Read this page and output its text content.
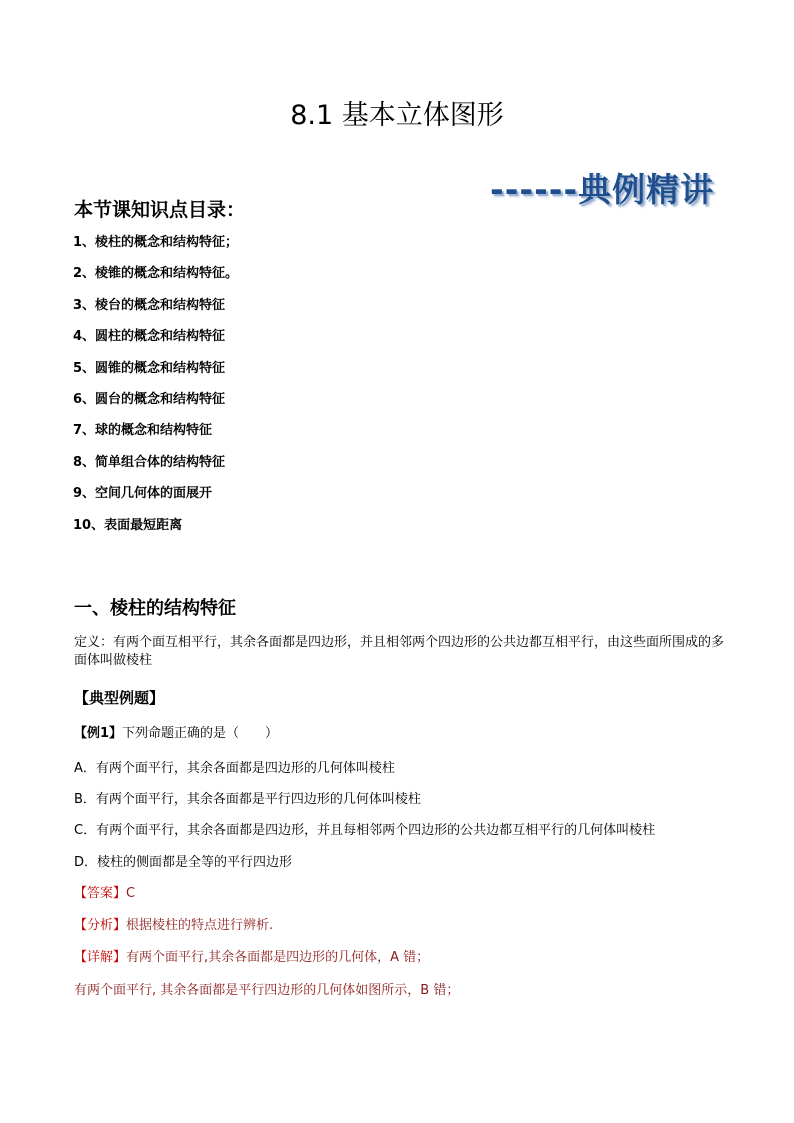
8.1 基本立体图形
------典例精讲
本节课知识点目录：
1、棱柱的概念和结构特征；
2、棱锥的概念和结构特征。
3、棱台的概念和结构特征
4、圆柱的概念和结构特征
5、圆锥的概念和结构特征
6、圆台的概念和结构特征
7、球的概念和结构特征
8、简单组合体的结构特征
9、空间几何体的面展开
10、表面最短距离
一、棱柱的结构特征
定义：有两个面互相平行，其余各面都是四边形，并且相邻两个四边形的公共边都互相平行，由这些面所围成的多面体叫做棱柱
【典型例题】
【例1】下列命题正确的是（　　）
A．有两个面平行，其余各面都是四边形的几何体叫棱柱
B．有两个面平行，其余各面都是平行四边形的几何体叫棱柱
C．有两个面平行，其余各面都是四边形，并且每相邻两个四边形的公共边都互相平行的几何体叫棱柱
D．棱柱的侧面都是全等的平行四边形
【答案】C
【分析】根据棱柱的特点进行辨析.
【详解】有两个面平行,其余各面都是四边形的几何体，A 错；
有两个面平行, 其余各面都是平行四边形的几何体如图所示，B 错；
